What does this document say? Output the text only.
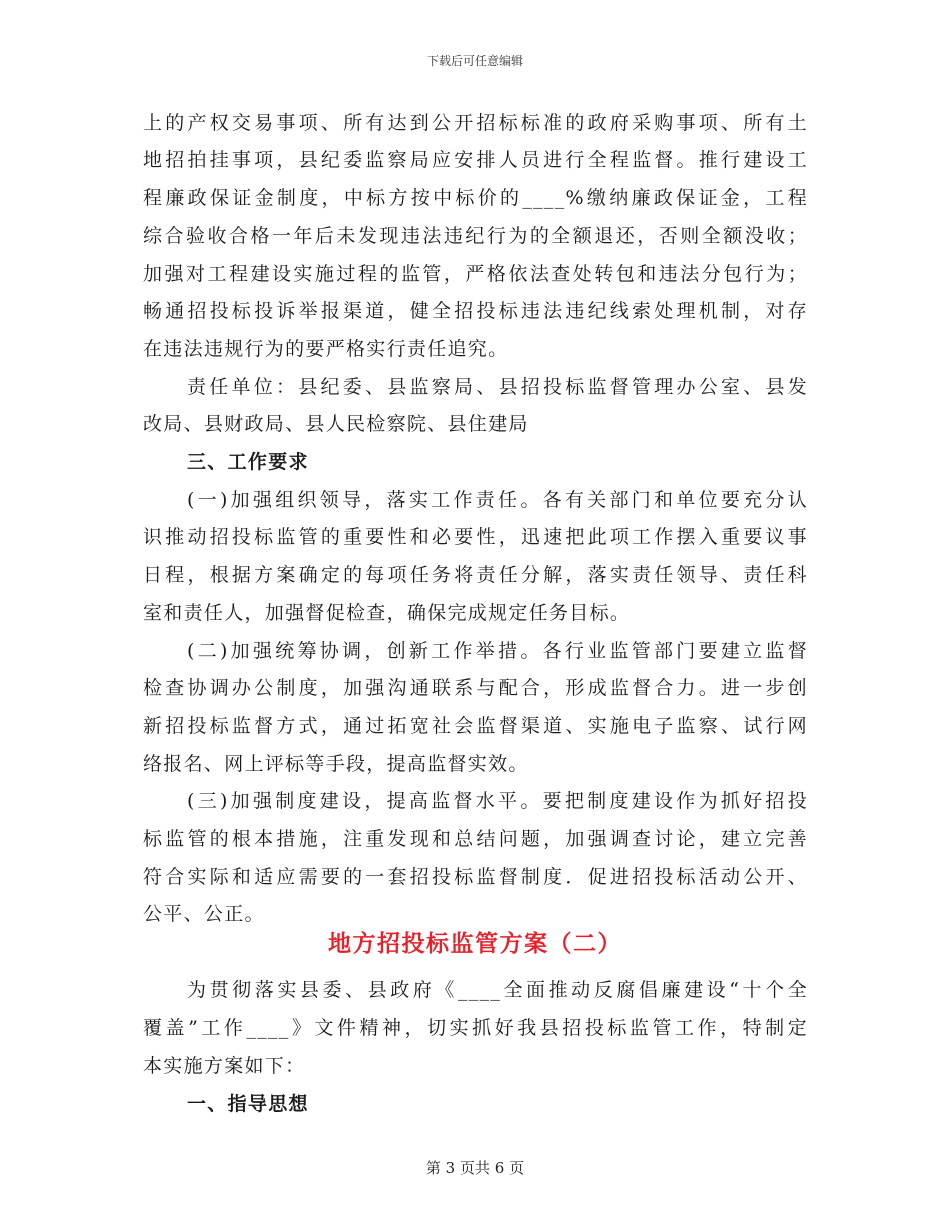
下载后可任意编辑
上的产权交易事项、所有达到公开招标标准的政府采购事项、所有土
地招拍挂事项，县纪委监察局应安排人员进行全程监督。推行建设工
程廉政保证金制度，中标方按中标价的____%缴纳廉政保证金，工程
综合验收合格一年后未发现违法违纪行为的全额退还，否则全额没收；
加强对工程建设实施过程的监管，严格依法查处转包和违法分包行为；
畅通招投标投诉举报渠道，健全招投标违法违纪线索处理机制，对存
在违法违规行为的要严格实行责任追究。
责任单位：县纪委、县监察局、县招投标监督管理办公室、县发
改局、县财政局、县人民检察院、县住建局
三、工作要求
(一)加强组织领导，落实工作责任。各有关部门和单位要充分认
识推动招投标监管的重要性和必要性，迅速把此项工作摆入重要议事
日程，根据方案确定的每项任务将责任分解，落实责任领导、责任科
室和责任人，加强督促检查，确保完成规定任务目标。
(二)加强统筹协调，创新工作举措。各行业监管部门要建立监督
检查协调办公制度，加强沟通联系与配合，形成监督合力。进一步创
新招投标监督方式，通过拓宽社会监督渠道、实施电子监察、试行网
络报名、网上评标等手段，提高监督实效。
(三)加强制度建设，提高监督水平。要把制度建设作为抓好招投
标监管的根本措施，注重发现和总结问题，加强调查讨论，建立完善
符合实际和适应需要的一套招投标监督制度．促进招投标活动公开、
公平、公正。
地方招投标监管方案（二）
为贯彻落实县委、县政府《____全面推动反腐倡廉建设“十个全
覆盖”工作____》文件精神，切实抓好我县招投标监管工作，特制定
本实施方案如下：
一、指导思想
第 3 页共 6 页
